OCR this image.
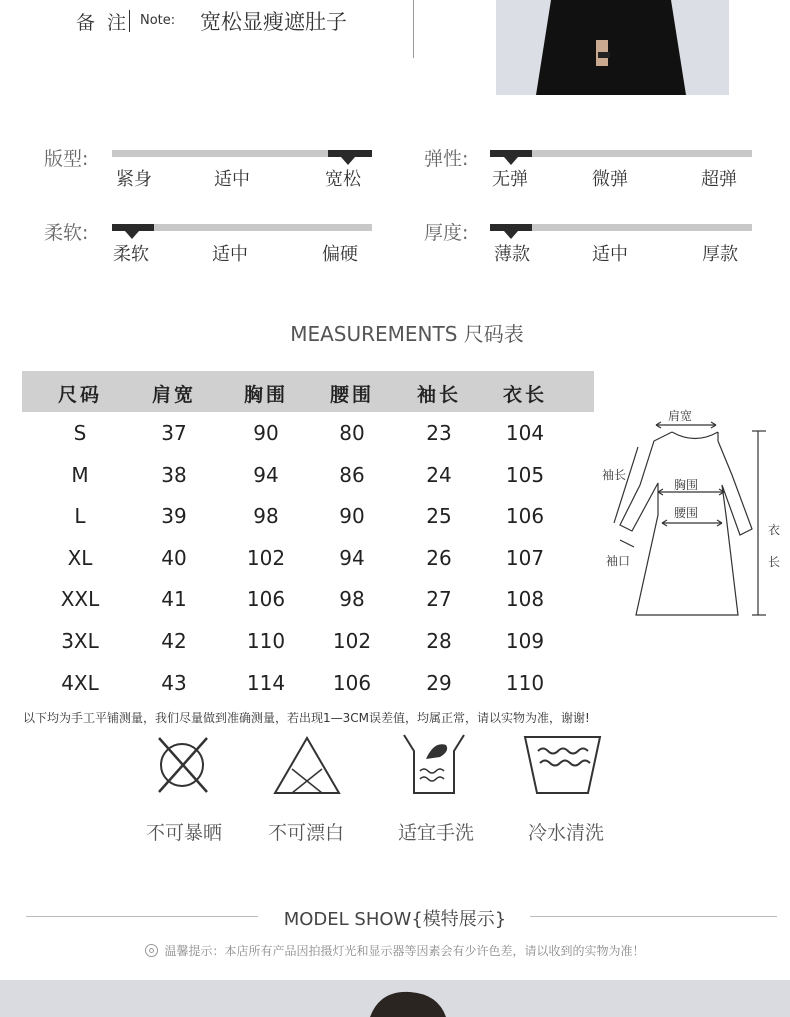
备 注 Note: 宽松显瘦遮肚子
版型:
紧身	适中	宽松
弹性:
无弹	微弹	超弹
柔软:
柔软	适中	偏硬
厚度:
薄款	适中	厚款
MEASUREMENTS 尺码表
尺码	肩宽	胸围	腰围	袖长	衣长
S	37	90	80	23	104
M	38	94	86	24	105
L	39	98	90	25	106
XL	40	102	94	26	107
XXL	41	106	98	27	108
3XL	42	110	102	28	109
4XL	43	114	106	29	110
以下均为手工平铺测量，我们尽量做到准确测量，若出现1—3CM误差值，均属正常，请以实物为准，谢谢!
肩宽
袖长
胸围
腰围
袖口
衣
长
不可暴晒	不可漂白	适宜手洗	冷水清洗
MODEL SHOW{模特展示}
温馨提示：本店所有产品因拍摄灯光和显示器等因素会有少许色差，请以收到的实物为准！
